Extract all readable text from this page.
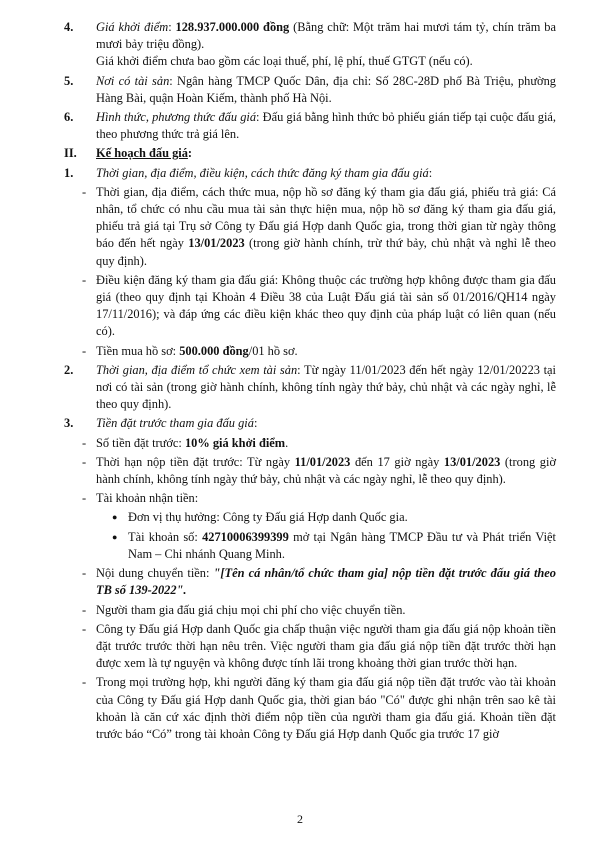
4. Giá khởi điểm: 128.937.000.000 đồng (Bằng chữ: Một trăm hai mươi tám tỷ, chín trăm ba mươi bảy triệu đồng).
Giá khởi điểm chưa bao gồm các loại thuế, phí, lệ phí, thuế GTGT (nếu có).
5. Nơi có tài sản: Ngân hàng TMCP Quốc Dân, địa chỉ: Số 28C-28D phố Bà Triệu, phường Hàng Bài, quận Hoàn Kiếm, thành phố Hà Nội.
6. Hình thức, phương thức đấu giá: Đấu giá bằng hình thức bỏ phiếu gián tiếp tại cuộc đấu giá, theo phương thức trả giá lên.
II. Kế hoạch đấu giá:
1. Thời gian, địa điểm, điều kiện, cách thức đăng ký tham gia đấu giá:
- Thời gian, địa điểm, cách thức mua, nộp hồ sơ đăng ký tham gia đấu giá, phiếu trả giá: Cá nhân, tổ chức có nhu cầu mua tài sản thực hiện mua, nộp hồ sơ đăng ký tham gia đấu giá, phiếu trả giá tại Trụ sở Công ty Đấu giá Hợp danh Quốc gia, trong thời gian từ ngày thông báo đến hết ngày 13/01/2023 (trong giờ hành chính, trừ thứ bảy, chủ nhật và nghỉ lễ theo quy định).
- Điều kiện đăng ký tham gia đấu giá: Không thuộc các trường hợp không được tham gia đấu giá (theo quy định tại Khoản 4 Điều 38 của Luật Đấu giá tài sản số 01/2016/QH14 ngày 17/11/2016); và đáp ứng các điều kiện khác theo quy định của pháp luật có liên quan (nếu có).
- Tiền mua hồ sơ: 500.000 đồng/01 hồ sơ.
2. Thời gian, địa điểm tổ chức xem tài sản: Từ ngày 11/01/2023 đến hết ngày 12/01/20223 tại nơi có tài sản (trong giờ hành chính, không tính ngày thứ bảy, chủ nhật và các ngày nghỉ, lễ theo quy định).
3. Tiền đặt trước tham gia đấu giá:
- Số tiền đặt trước: 10% giá khởi điểm.
- Thời hạn nộp tiền đặt trước: Từ ngày 11/01/2023 đến 17 giờ ngày 13/01/2023 (trong giờ hành chính, không tính ngày thứ bảy, chủ nhật và các ngày nghỉ, lễ theo quy định).
- Tài khoản nhận tiền:
● Đơn vị thụ hưởng: Công ty Đấu giá Hợp danh Quốc gia.
● Tài khoản số: 42710006399399 mở tại Ngân hàng TMCP Đầu tư và Phát triển Việt Nam – Chi nhánh Quang Minh.
- Nội dung chuyển tiền: "[Tên cá nhân/tổ chức tham gia] nộp tiền đặt trước đấu giá theo TB số 139-2022".
- Người tham gia đấu giá chịu mọi chi phí cho việc chuyển tiền.
- Công ty Đấu giá Hợp danh Quốc gia chấp thuận việc người tham gia đấu giá nộp khoản tiền đặt trước trước thời hạn nêu trên. Việc người tham gia đấu giá nộp tiền đặt trước thời hạn được xem là tự nguyện và không được tính lãi trong khoảng thời gian trước thời hạn.
- Trong mọi trường hợp, khi người đăng ký tham gia đấu giá nộp tiền đặt trước vào tài khoản của Công ty Đấu giá Hợp danh Quốc gia, thời gian báo "Có" được ghi nhận trên sao kê tài khoản là căn cứ xác định thời điểm nộp tiền của người tham gia đấu giá. Khoản tiền đặt trước báo “Có” trong tài khoản Công ty Đấu giá Hợp danh Quốc gia trước 17 giờ
2
